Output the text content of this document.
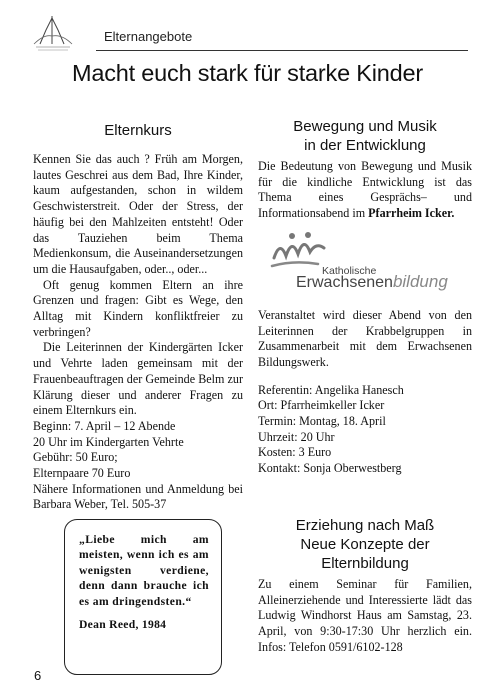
Elternangebote
Macht euch stark für starke Kinder
Elternkurs

Kennen Sie das auch ? Früh am Morgen, lautes Geschrei aus dem Bad, Ihre Kinder, kaum aufgestanden, schon in wildem Geschwisterstreit. Oder der Stress, der häufig bei den Mahlzeiten entsteht! Oder das Tauziehen beim Thema Medienkonsum, die Auseinandersetzungen um die Hausaufgaben, oder.., oder...

Oft genug kommen Eltern an ihre Grenzen und fragen: Gibt es Wege, den Alltag mit Kindern konfliktfreier zu verbringen?

Die Leiterinnen der Kindergärten Icker und Vehrte laden gemeinsam mit der Frauenbeauftragen der Gemeinde Belm zur Klärung dieser und anderer Fragen zu einem Elternkurs ein.

Beginn: 7. April – 12 Abende

20 Uhr im Kindergarten Vehrte

Gebühr: 50 Euro;

Elternpaare 70 Euro

Nähere Informationen und Anmeldung bei Barbara Weber, Tel. 505-37

„Liebe mich am meisten, wenn ich es am wenigsten verdiene, denn dann brauche ich es am dringendsten.“

Dean Reed, 1984

Bewegung und Musik
in der Entwicklung

Die Bedeutung von Bewegung und Musik für die kindliche Entwicklung ist das Thema eines Gesprächs– und Informationsabend im Pfarrheim Icker.

Katholische
Erwachsenenbildung

Veranstaltet wird dieser Abend von den Leiterinnen der Krabbelgruppen in Zusammenarbeit mit dem Erwachsenen Bildungswerk.

Referentin: Angelika Hanesch

Ort: Pfarrheimkeller Icker

Termin: Montag, 18. April

Uhrzeit: 20 Uhr

Kosten: 3 Euro

Kontakt: Sonja Oberwestberg

Erziehung nach Maß
Neue Konzepte der
Elternbildung

Zu einem Seminar für Familien, Alleinerziehende und Interessierte lädt das Ludwig Windhorst Haus am Samstag, 23. April, von 9:30-17:30 Uhr herzlich ein. Infos: Telefon 0591/6102-128

6
